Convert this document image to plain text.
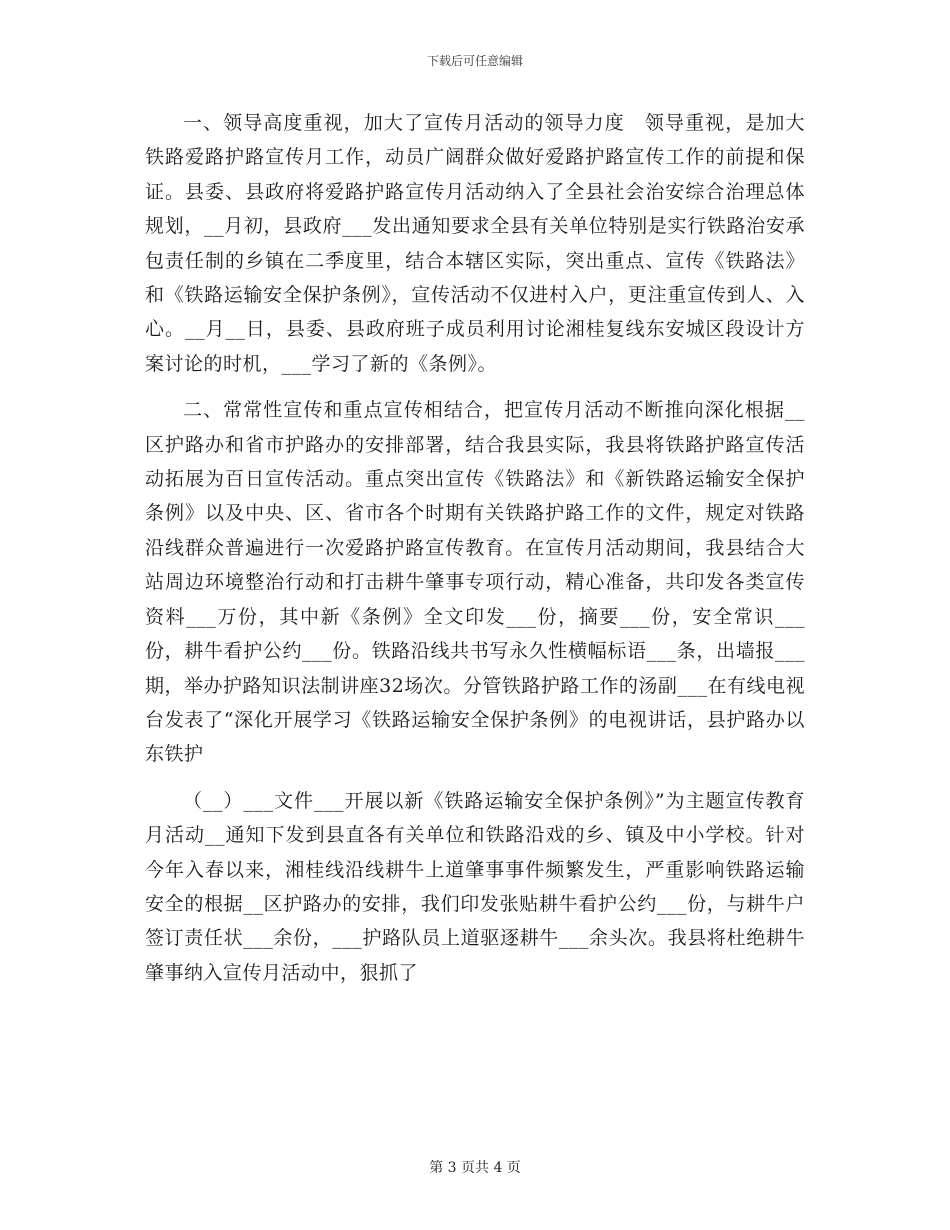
下载后可任意编辑

一、领导高度重视，加大了宣传月活动的领导力度　领导重视，是加大铁路爱路护路宣传月工作，动员广阔群众做好爱路护路宣传工作的前提和保证。县委、县政府将爱路护路宣传月活动纳入了全县社会治安综合治理总体规划，__月初，县政府___发出通知要求全县有关单位特别是实行铁路治安承包责任制的乡镇在二季度里，结合本辖区实际，突出重点、宣传《铁路法》和《铁路运输安全保护条例》，宣传活动不仅进村入户，更注重宣传到人、入心。__月__日，县委、县政府班子成员利用讨论湘桂复线东安城区段设计方案讨论的时机，___学习了新的《条例》。

二、常常性宣传和重点宣传相结合，把宣传月活动不断推向深化根据__区护路办和省市护路办的安排部署，结合我县实际，我县将铁路护路宣传活动拓展为百日宣传活动。重点突出宣传《铁路法》和《新铁路运输安全保护条例》以及中央、区、省市各个时期有关铁路护路工作的文件，规定对铁路沿线群众普遍进行一次爱路护路宣传教育。在宣传月活动期间，我县结合大站周边环境整治行动和打击耕牛肇事专项行动，精心准备，共印发各类宣传资料___万份，其中新《条例》全文印发___份，摘要___份，安全常识___份，耕牛看护公约___份。铁路沿线共书写永久性横幅标语___条，出墙报___期，举办护路知识法制讲座32场次。分管铁路护路工作的汤副___在有线电视台发表了“深化开展学习《铁路运输安全保护条例》的电视讲话，县护路办以东铁护

（__）___文件___开展以新《铁路运输安全保护条例》”为主题宣传教育月活动__通知下发到县直各有关单位和铁路沿戏的乡、镇及中小学校。针对今年入春以来，湘桂线沿线耕牛上道肇事事件频繁发生，严重影响铁路运输安全的根据__区护路办的安排，我们印发张贴耕牛看护公约___份，与耕牛户签订责任状___余份，___护路队员上道驱逐耕牛___余头次。我县将杜绝耕牛肇事纳入宣传月活动中，狠抓了

第 3 页共 4 页
